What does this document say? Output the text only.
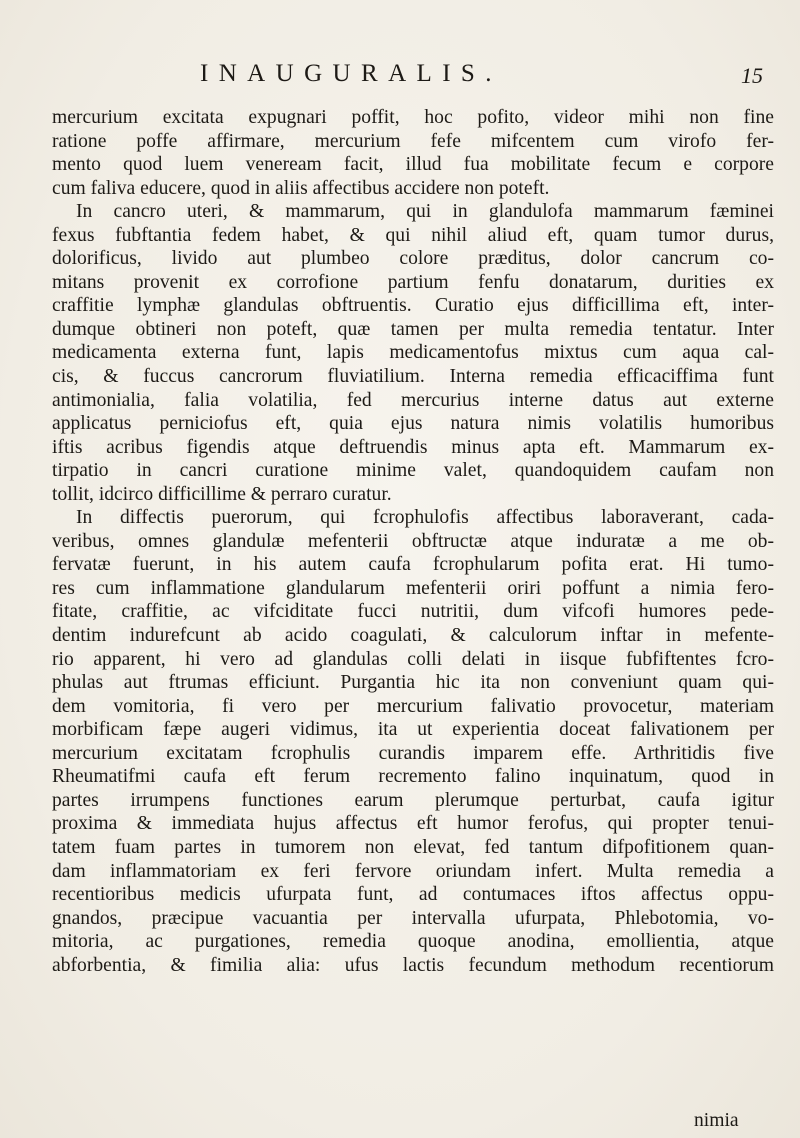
INAUGURALIS.	15
mercurium excitata expugnari poffit, hoc pofito, videor mihi non fine
ratione poffe affirmare, mercurium fefe mifcentem cum virofo fer-
mento quod luem veneream facit, illud fua mobilitate fecum e corpore
cum faliva educere, quod in aliis affectibus accidere non poteft.
In cancro uteri, & mammarum, qui in glandulofa mammarum fæminei
fexus fubftantia fedem habet, & qui nihil aliud eft, quam tumor durus,
dolorificus, livido aut plumbeo colore præditus, dolor cancrum co-
mitans provenit ex corrofione partium fenfu donatarum, durities ex
craffitie lymphæ glandulas obftruentis. Curatio ejus difficillima eft, inter-
dumque obtineri non poteft, quæ tamen per multa remedia tentatur. Inter
medicamenta externa funt, lapis medicamentofus mixtus cum aqua cal-
cis, & fuccus cancrorum fluviatilium. Interna remedia efficaciffima funt
antimonialia, falia volatilia, fed mercurius interne datus aut externe
applicatus perniciofus eft, quia ejus natura nimis volatilis humoribus
iftis acribus figendis atque deftruendis minus apta eft. Mammarum ex-
tirpatio in cancri curatione minime valet, quandoquidem caufam non
tollit, idcirco difficillime & perraro curatur.
In diffectis puerorum, qui fcrophulofis affectibus laboraverant, cada-
veribus, omnes glandulæ mefenterii obftructæ atque induratæ a me ob-
fervatæ fuerunt, in his autem caufa fcrophularum pofita erat. Hi tumo-
res cum inflammatione glandularum mefenterii oriri poffunt a nimia fero-
fitate, craffitie, ac vifciditate fucci nutritii, dum vifcofi humores pede-
dentim indurefcunt ab acido coagulati, & calculorum inftar in mefente-
rio apparent, hi vero ad glandulas colli delati in iisque fubfiftentes fcro-
phulas aut ftrumas efficiunt. Purgantia hic ita non conveniunt quam qui-
dem vomitoria, fi vero per mercurium falivatio provocetur, materiam
morbificam fæpe augeri vidimus, ita ut experientia doceat falivationem per
mercurium excitatam fcrophulis curandis imparem effe. Arthritidis five
Rheumatifmi caufa eft ferum recremento falino inquinatum, quod in
partes irrumpens functiones earum plerumque perturbat, caufa igitur
proxima & immediata hujus affectus eft humor ferofus, qui propter tenui-
tatem fuam partes in tumorem non elevat, fed tantum difpofitionem quan-
dam inflammatoriam ex feri fervore oriundam infert. Multa remedia a
recentioribus medicis ufurpata funt, ad contumaces iftos affectus oppu-
gnandos, præcipue vacuantia per intervalla ufurpata, Phlebotomia, vo-
mitoria, ac purgationes, remedia quoque anodina, emollientia, atque
abforbentia, & fimilia alia: ufus lactis fecundum methodum recentiorum
nimia
